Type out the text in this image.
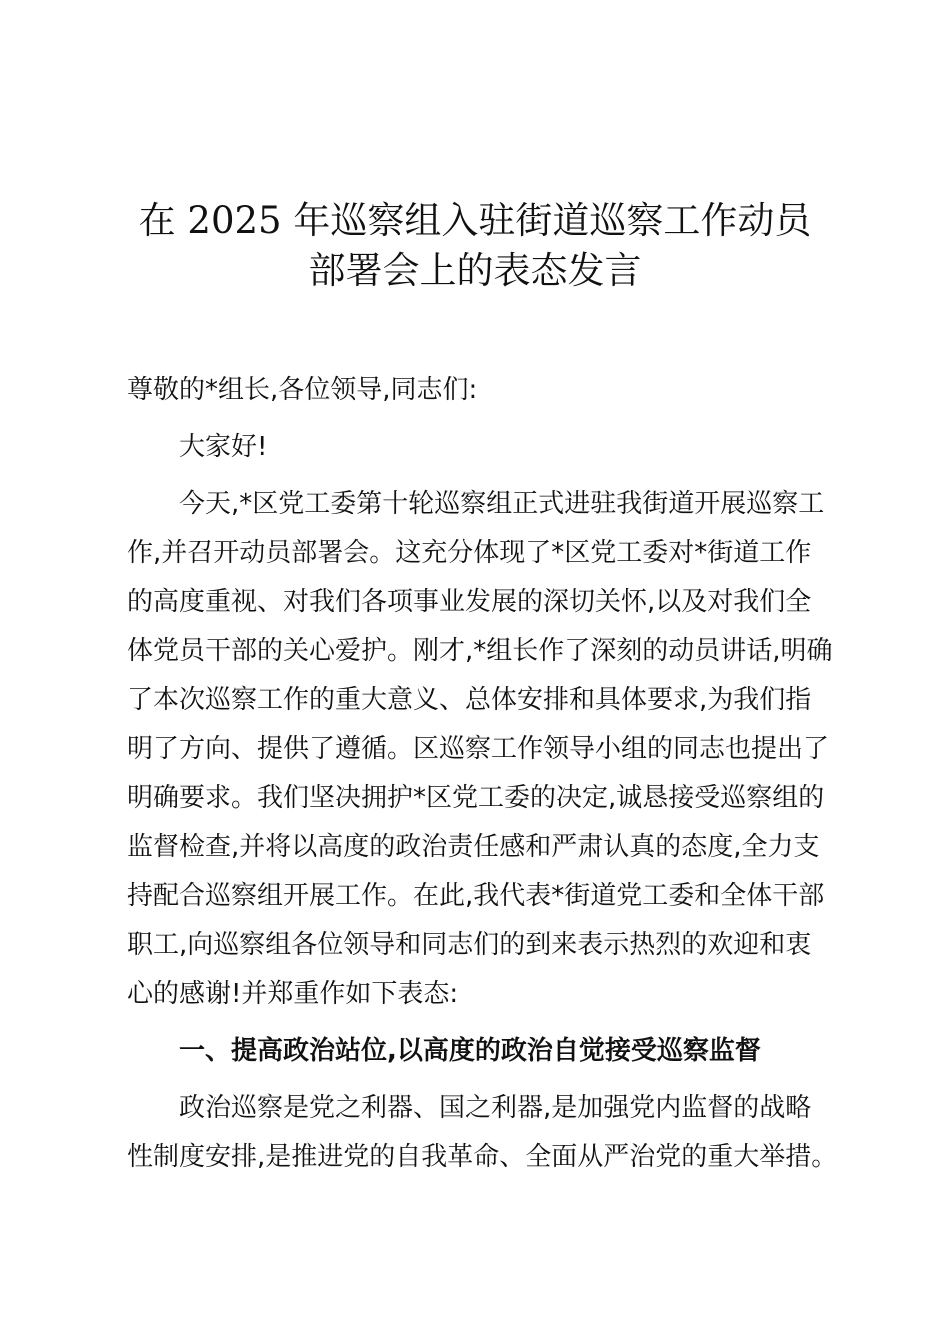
在 2025 年巡察组入驻街道巡察工作动员
部署会上的表态发言

尊敬的*组长,各位领导,同志们:

大家好!

今天,*区党工委第十轮巡察组正式进驻我街道开展巡察工
作,并召开动员部署会。这充分体现了*区党工委对*街道工作
的高度重视、对我们各项事业发展的深切关怀,以及对我们全
体党员干部的关心爱护。刚才,*组长作了深刻的动员讲话,明确
了本次巡察工作的重大意义、总体安排和具体要求,为我们指
明了方向、提供了遵循。区巡察工作领导小组的同志也提出了
明确要求。我们坚决拥护*区党工委的决定,诚恳接受巡察组的
监督检查,并将以高度的政治责任感和严肃认真的态度,全力支
持配合巡察组开展工作。在此,我代表*街道党工委和全体干部
职工,向巡察组各位领导和同志们的到来表示热烈的欢迎和衷
心的感谢!并郑重作如下表态:

一、提高政治站位,以高度的政治自觉接受巡察监督

政治巡察是党之利器、国之利器,是加强党内监督的战略
性制度安排,是推进党的自我革命、全面从严治党的重大举措。
